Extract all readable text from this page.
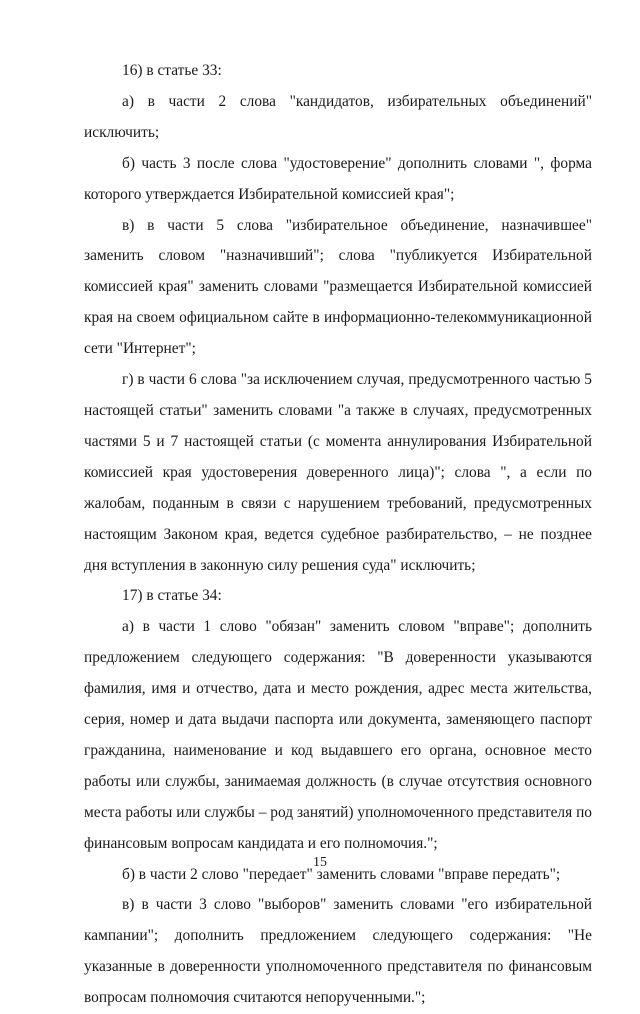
16) в статье 33:

а) в части 2 слова "кандидатов, избирательных объединений" исключить;

б) часть 3 после слова "удостоверение" дополнить словами ", форма которого утверждается Избирательной комиссией края";

в) в части 5 слова "избирательное объединение, назначившее" заменить словом "назначивший"; слова "публикуется Избирательной комиссией края" заменить словами "размещается Избирательной комиссией края на своем официальном сайте в информационно-телекоммуникационной сети "Интернет";

г) в части 6 слова "за исключением случая, предусмотренного частью 5 настоящей статьи" заменить словами "а также в случаях, предусмотренных частями 5 и 7 настоящей статьи (с момента аннулирования Избирательной комиссией края удостоверения доверенного лица)"; слова ", а если по жалобам, поданным в связи с нарушением требований, предусмотренных настоящим Законом края, ведется судебное разбирательство, – не позднее дня вступления в законную силу решения суда" исключить;

17) в статье 34:

а) в части 1 слово "обязан" заменить словом "вправе"; дополнить предложением следующего содержания: "В доверенности указываются фамилия, имя и отчество, дата и место рождения, адрес места жительства, серия, номер и дата выдачи паспорта или документа, заменяющего паспорт гражданина, наименование и код выдавшего его органа, основное место работы или службы, занимаемая должность (в случае отсутствия основного места работы или службы – род занятий) уполномоченного представителя по финансовым вопросам кандидата и его полномочия.";

б) в части 2 слово "передает" заменить словами "вправе передать";

в) в части 3 слово "выборов" заменить словами "его избирательной кампании"; дополнить предложением следующего содержания: "Не указанные в доверенности уполномоченного представителя по финансовым вопросам полномочия считаются непорученными.";

15
